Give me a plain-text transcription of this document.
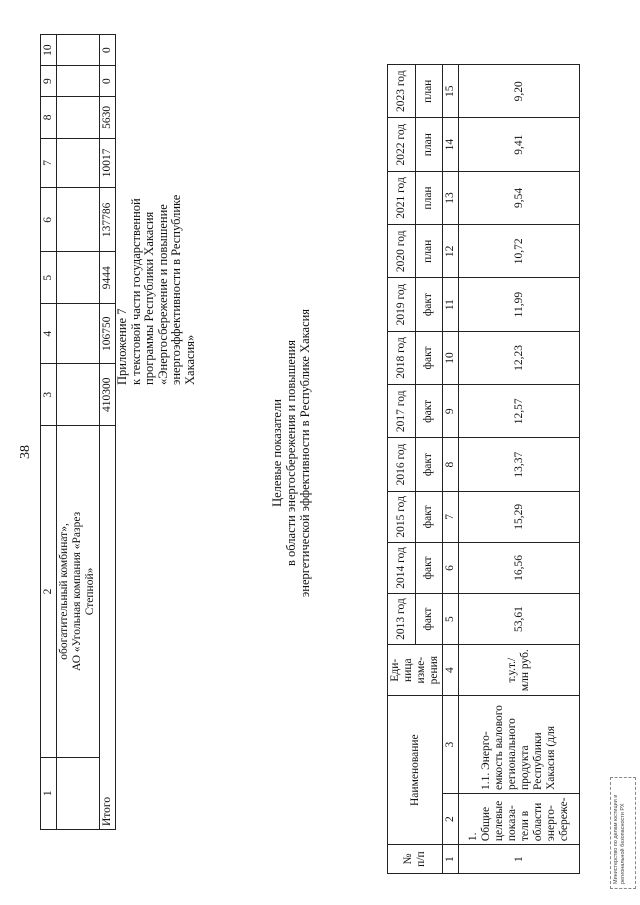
38
1	2	3	4	5	6	7	8	9	10

	обогатительный комбинат», АО «Угольная компания «Разрез Степной»								

Итого		410300	106750	9444	137786	10017	5630	0	0
Приложение 7 к текстовой части государственной программы Республики Хакасия «Энергосбережение и повышение энергоэффективности в Республике Хакасия»
Целевые показатели в области энергосбережения и повышения энергетической эффективности в Республике Хакасия
№ п/п	Наименование		Еди-ница изме-рения	2013 год	2014 год	2015 год	2016 год	2017 год	2018 год	2019 год	2020 год	2021 год	2022 год	2023 год
				факт	факт	факт	факт	факт	факт	факт	план	план	план	план
1	2	3	4	5	6	7	8	9	10	11	12	13	14	15
1	1. Общие целевые показа-тели в области энерго-сбереже-	1.1. Энерго-емкость валового регионального продукта Республики Хакасия (для	т.у.т./ млн руб.	53,61	16,56	15,29	13,37	12,57	12,23	11,99	10,72	9,54	9,41	9,20
Министерство по делам юстиции и региональной безопасности РХ
